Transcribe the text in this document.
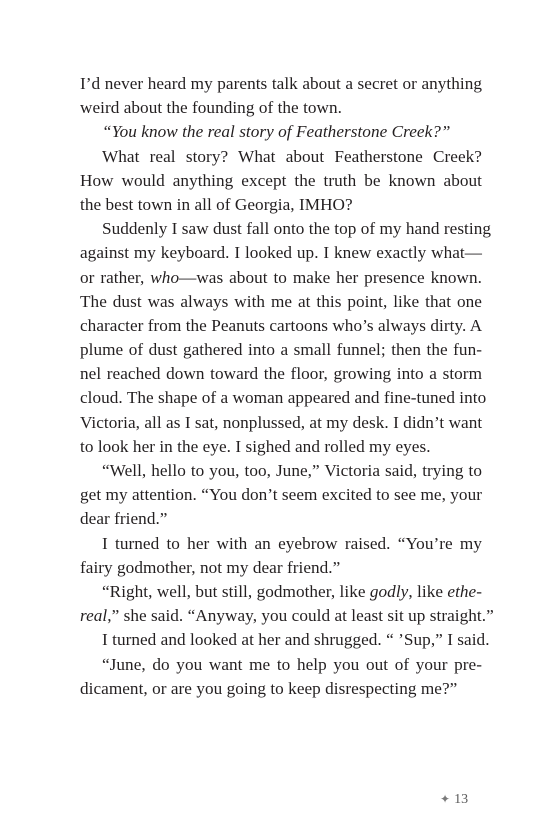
I’d never heard my parents talk about a secret or anything
weird about the founding of the town.
“You know the real story of Featherstone Creek?”
What real story? What about Featherstone Creek?
How would anything except the truth be known about
the best town in all of Georgia, IMHO?
Suddenly I saw dust fall onto the top of my hand resting
against my keyboard. I looked up. I knew exactly what—
or rather, who—was about to make her presence known.
The dust was always with me at this point, like that one
character from the Peanuts cartoons who’s always dirty. A
plume of dust gathered into a small funnel; then the fun-
nel reached down toward the floor, growing into a storm
cloud. The shape of a woman appeared and fine-tuned into
Victoria, all as I sat, nonplussed, at my desk. I didn’t want
to look her in the eye. I sighed and rolled my eyes.
“Well, hello to you, too, June,” Victoria said, trying to
get my attention. “You don’t seem excited to see me, your
dear friend.”
I turned to her with an eyebrow raised. “You’re my
fairy godmother, not my dear friend.”
“Right, well, but still, godmother, like godly, like ethe-
real,” she said. “Anyway, you could at least sit up straight.”
I turned and looked at her and shrugged. “ ’Sup,” I said.
“June, do you want me to help you out of your pre-
dicament, or are you going to keep disrespecting me?”
✦ 13
